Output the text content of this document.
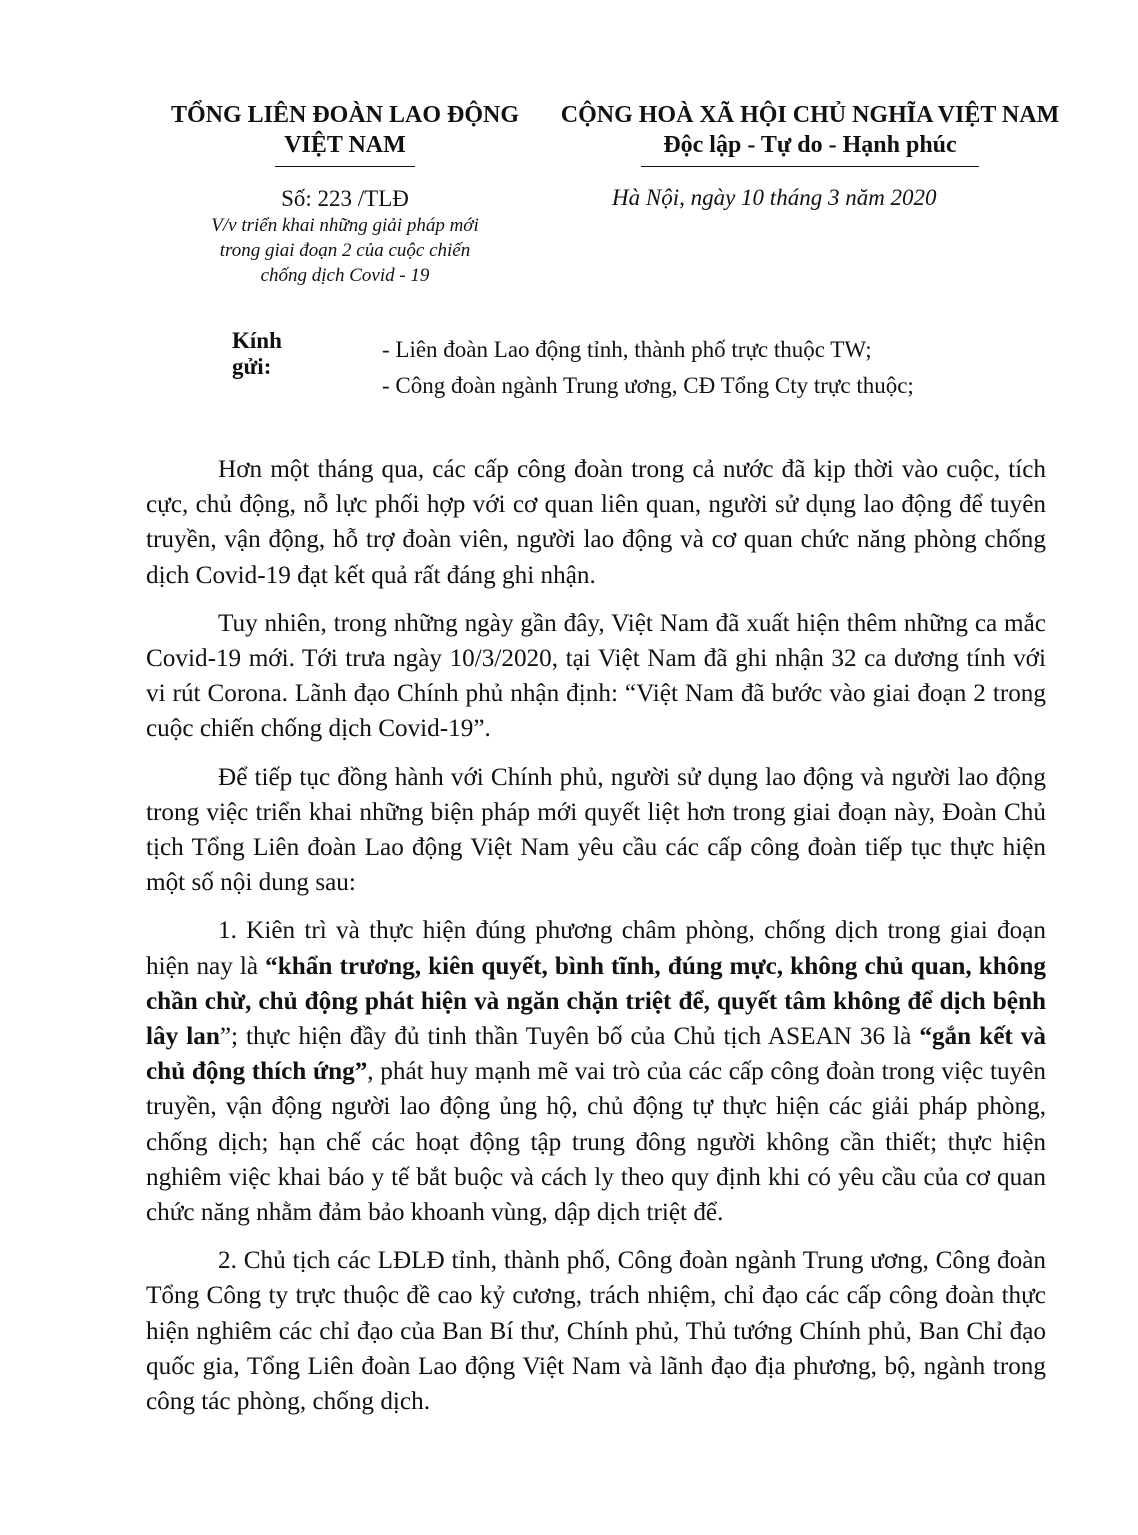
TỔNG LIÊN ĐOÀN LAO ĐỘNG
VIỆT NAM
Số: 223 /TLĐ
V/v triển khai những giải pháp mới
trong giai đoạn 2 của cuộc chiến
chống dịch Covid - 19
CỘNG HOÀ XÃ HỘI CHỦ NGHĨA VIỆT NAM
Độc lập - Tự do - Hạnh phúc
Hà Nội, ngày 10 tháng 3 năm 2020
Kính gửi:
- Liên đoàn Lao động tỉnh, thành phố trực thuộc TW;
- Công đoàn ngành Trung ương, CĐ Tổng Cty trực thuộc;

Hơn một tháng qua, các cấp công đoàn trong cả nước đã kịp thời vào cuộc, tích cực, chủ động, nỗ lực phối hợp với cơ quan liên quan, người sử dụng lao động để tuyên truyền, vận động, hỗ trợ đoàn viên, người lao động và cơ quan chức năng phòng chống dịch Covid-19 đạt kết quả rất đáng ghi nhận.

Tuy nhiên, trong những ngày gần đây, Việt Nam đã xuất hiện thêm những ca mắc Covid-19 mới. Tới trưa ngày 10/3/2020, tại Việt Nam đã ghi nhận 32 ca dương tính với vi rút Corona. Lãnh đạo Chính phủ nhận định: “Việt Nam đã bước vào giai đoạn 2 trong cuộc chiến chống dịch Covid-19”.

Để tiếp tục đồng hành với Chính phủ, người sử dụng lao động và người lao động trong việc triển khai những biện pháp mới quyết liệt hơn trong giai đoạn này, Đoàn Chủ tịch Tổng Liên đoàn Lao động Việt Nam yêu cầu các cấp công đoàn tiếp tục thực hiện một số nội dung sau:

1. Kiên trì và thực hiện đúng phương châm phòng, chống dịch trong giai đoạn hiện nay là “khẩn trương, kiên quyết, bình tĩnh, đúng mực, không chủ quan, không chần chừ, chủ động phát hiện và ngăn chặn triệt để, quyết tâm không để dịch bệnh lây lan”; thực hiện đầy đủ tinh thần Tuyên bố của Chủ tịch ASEAN 36 là “gắn kết và chủ động thích ứng”, phát huy mạnh mẽ vai trò của các cấp công đoàn trong việc tuyên truyền, vận động người lao động ủng hộ, chủ động tự thực hiện các giải pháp phòng, chống dịch; hạn chế các hoạt động tập trung đông người không cần thiết; thực hiện nghiêm việc khai báo y tế bắt buộc và cách ly theo quy định khi có yêu cầu của cơ quan chức năng nhằm đảm bảo khoanh vùng, dập dịch triệt để.

2. Chủ tịch các LĐLĐ tỉnh, thành phố, Công đoàn ngành Trung ương, Công đoàn Tổng Công ty trực thuộc đề cao kỷ cương, trách nhiệm, chỉ đạo các cấp công đoàn thực hiện nghiêm các chỉ đạo của Ban Bí thư, Chính phủ, Thủ tướng Chính phủ, Ban Chỉ đạo quốc gia, Tổng Liên đoàn Lao động Việt Nam và lãnh đạo địa phương, bộ, ngành trong công tác phòng, chống dịch.
